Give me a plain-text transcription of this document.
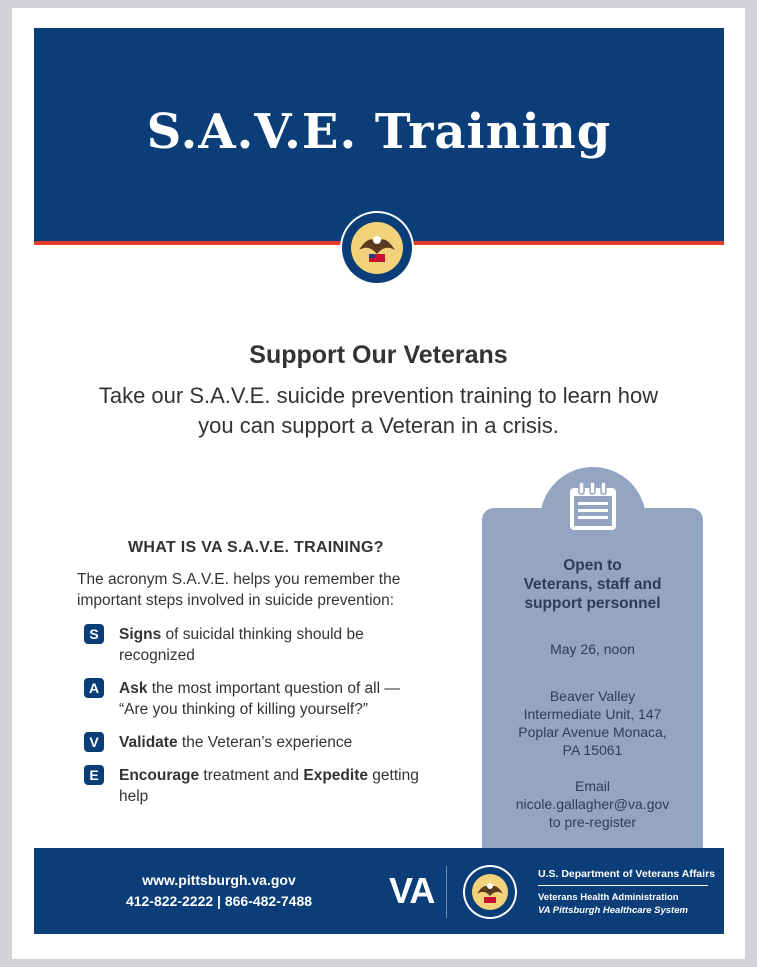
S.A.V.E. Training
Support Our Veterans
Take our S.A.V.E. suicide prevention training to learn how you can support a Veteran in a crisis.
WHAT IS VA S.A.V.E. TRAINING?
The acronym S.A.V.E. helps you remember the important steps involved in suicide prevention:
S	Signs of suicidal thinking should be recognized
A	Ask the most important question of all — “Are you thinking of killing yourself?”
V	Validate the Veteran’s experience
E	Encourage treatment and Expedite getting help
Open to
Veterans, staff and
support personnel
May 26, noon
Beaver Valley
Intermediate Unit, 147
Poplar Avenue Monaca,
PA 15061
Email
nicole.gallagher@va.gov
to pre-register
www.pittsburgh.va.gov
412-822-2222 | 866-482-7488	VA	U.S. Department of Veterans Affairs
Veterans Health Administration
VA Pittsburgh Healthcare System
